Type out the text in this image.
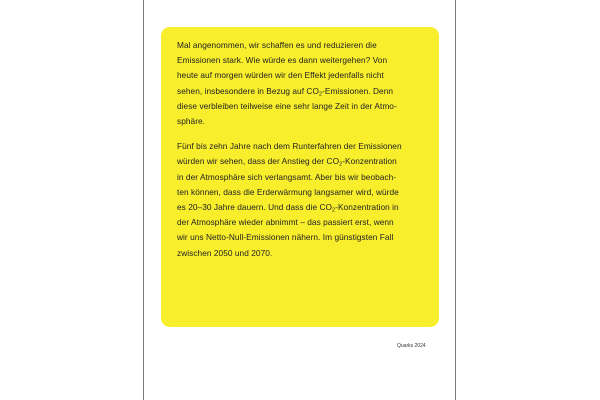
Mal angenommen, wir schaffen es und reduzieren die
Emissionen stark. Wie würde es dann weitergehen? Von
heute auf morgen würden wir den Effekt jedenfalls nicht
sehen, insbesondere in Bezug auf $CO_2$-Emissionen. Denn
diese verbleiben teilweise eine sehr lange Zeit in der Atmo-
sphäre.

Fünf bis zehn Jahre nach dem Runterfahren der Emissionen
würden wir sehen, dass der Anstieg der $CO_2$-Konzentration
in der Atmosphäre sich verlangsamt. Aber bis wir beobach-
ten können, dass die Erderwärmung langsamer wird, würde
es 20–30 Jahre dauern. Und dass die $CO_2$-Konzentration in
der Atmosphäre wieder abnimmt – das passiert erst, wenn
wir uns Netto-Null-Emissionen nähern. Im günstigsten Fall
zwischen 2050 und 2070.

Quarks 2024
